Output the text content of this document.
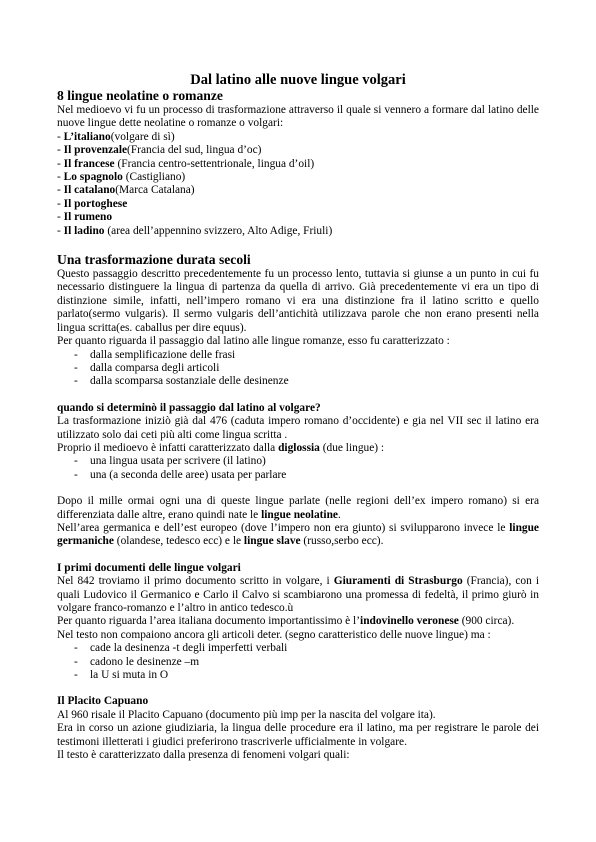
Dal latino alle nuove lingue volgari
8 lingue neolatine o romanze

Nel medioevo vi fu un processo di trasformazione attraverso il quale si vennero a formare dal latino delle nuove lingue dette neolatine o romanze o volgari:

- L’italiano(volgare di sì)
- Il provenzale(Francia del sud, lingua d’oc)
- Il francese (Francia centro-settentrionale, lingua d’oil)
- Lo spagnolo (Castigliano)
- Il catalano(Marca Catalana)
- Il portoghese
- Il rumeno
- Il ladino (area dell’appennino svizzero, Alto Adige, Friuli)
Una trasformazione durata secoli

Questo passaggio descritto precedentemente fu un processo lento, tuttavia si giunse a un punto in cui fu necessario distinguere la lingua di partenza da quella di arrivo. Già precedentemente vi era un tipo di distinzione simile, infatti, nell’impero romano vi era una distinzione fra il latino scritto e quello parlato(sermo vulgaris). Il sermo vulgaris dell’antichità utilizzava parole che non erano presenti nella lingua scritta(es. caballus per dire equus).

Per quanto riguarda il passaggio dal latino alle lingue romanze, esso fu caratterizzato :

- dalla semplificazione delle frasi
- dalla comparsa degli articoli
- dalla scomparsa sostanziale delle desinenze
quando si determinò il passaggio dal latino al volgare?

La trasformazione iniziò già dal 476 (caduta impero romano d’occidente) e gia nel VII sec il latino era utilizzato solo dai ceti più alti come lingua scritta .

Proprio il medioevo è infatti caratterizzato dalla diglossia (due lingue) :

- una lingua usata per scrivere (il latino)
- una (a seconda delle aree) usata per parlare

Dopo il mille ormai ogni una di queste lingue parlate (nelle regioni dell’ex impero romano) si era differenziata dalle altre, erano quindi nate le lingue neolatine.

Nell’area germanica e dell’est europeo (dove l’impero non era giunto) si svilupparono invece le lingue germaniche (olandese, tedesco ecc) e le lingue slave (russo,serbo ecc).

I primi documenti delle lingue volgari

Nel 842 troviamo il primo documento scritto in volgare, i Giuramenti di Strasburgo (Francia), con i quali Ludovico il Germanico e Carlo il Calvo si scambiarono una promessa di fedeltà, il primo giurò in volgare franco-romanzo e l’altro in antico tedesco.ù

Per quanto riguarda l’area italiana documento importantissimo è l’indovinello veronese (900 circa).

Nel testo non compaiono ancora gli articoli deter. (segno caratteristico delle nuove lingue) ma :

- cade la desinenza -t degli imperfetti verbali
- cadono le desinenze –m
- la U si muta in O
Il Placito Capuano

Al 960 risale il Placito Capuano (documento più imp per la nascita del volgare ita).

Era in corso un azione giudiziaria, la lingua delle procedure era il latino, ma per registrare le parole dei testimoni illetterati i giudici preferirono trascriverle ufficialmente in volgare.

Il testo è caratterizzato dalla presenza di fenomeni volgari quali:
